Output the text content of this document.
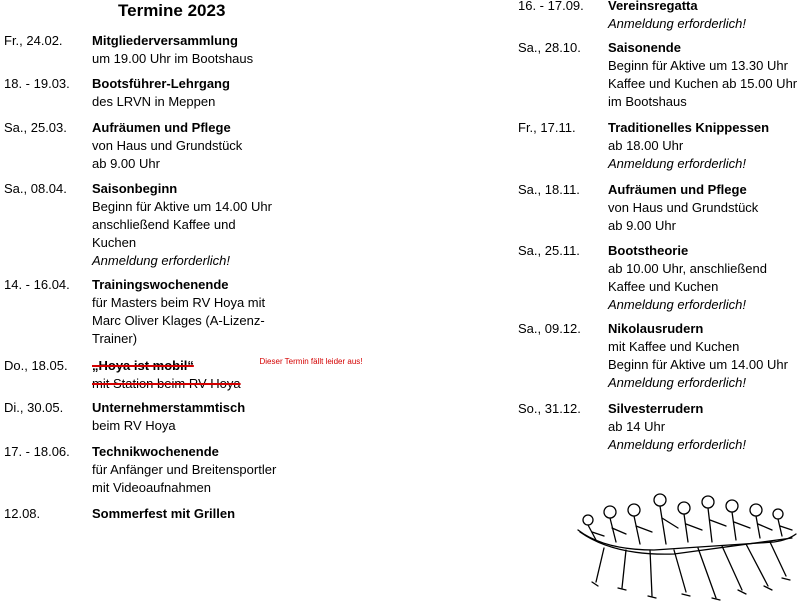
Termine 2023
Fr., 24.02. Mitgliederversammlung
um 19.00 Uhr im Bootshaus
18. - 19.03. Bootsführer-Lehrgang
des LRVN in Meppen
Sa., 25.03. Aufräumen und Pflege
von Haus und Grundstück
ab 9.00 Uhr
Sa., 08.04. Saisonbeginn
Beginn für Aktive um 14.00 Uhr
anschließend Kaffee und
Kuchen
Anmeldung erforderlich!
14. - 16.04. Trainingswochenende
für Masters beim RV Hoya mit
Marc Oliver Klages (A-Lizenz-
Trainer)
Do., 18.05. „Hoya ist mobil“
mit Station beim RV Hoya
Di., 30.05. Unternehmerstammtisch
beim RV Hoya
17. - 18.06. Technikwochenende
für Anfänger und Breitensportler
mit Videoaufnahmen
12.08.	Sommerfest mit Grillen
16. - 17.09. Vereinsregatta
Anmeldung erforderlich!
Sa., 28.10. Saisonende
Beginn für Aktive um 13.30 Uhr
Kaffee und Kuchen ab 15.00 Uhr
im Bootshaus
Fr., 17.11. Traditionelles Knippessen
ab 18.00 Uhr
Anmeldung erforderlich!
Sa., 18.11. Aufräumen und Pflege
von Haus und Grundstück
ab 9.00 Uhr
Sa., 25.11. Bootstheorie
ab 10.00 Uhr, anschließend
Kaffee und Kuchen
Anmeldung erforderlich!
Sa., 09.12. Nikolausrudern
mit Kaffee und Kuchen
Beginn für Aktive um 14.00 Uhr
Anmeldung erforderlich!
So., 31.12. Silvesterrudern
ab 14 Uhr
Anmeldung erforderlich!
Dieser Termin fällt leider aus!
